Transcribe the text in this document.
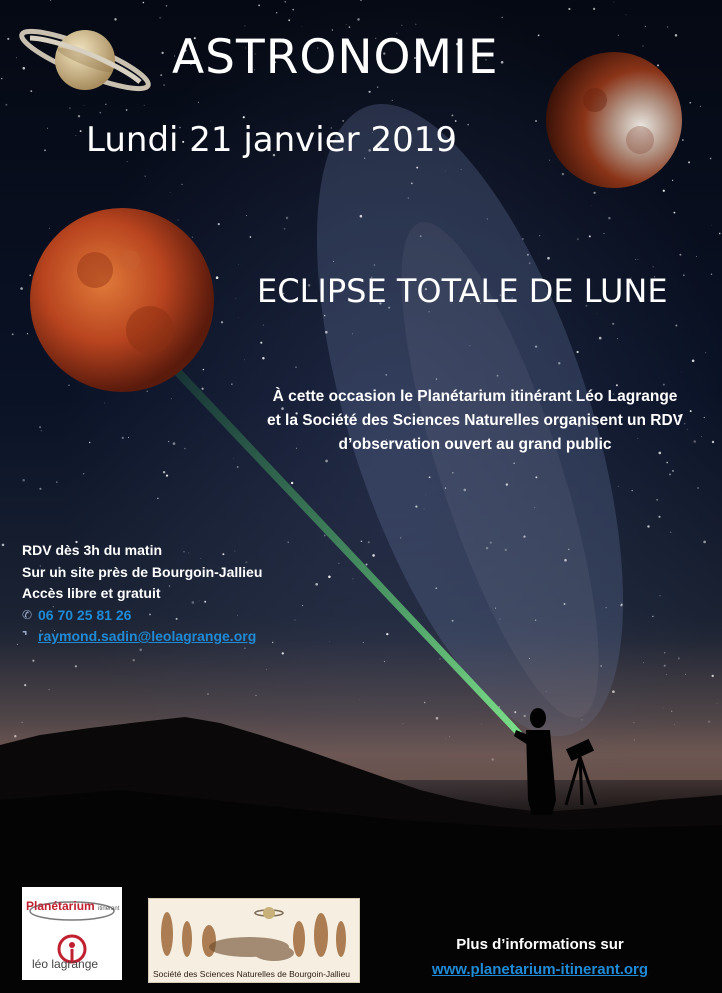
ASTRONOMIE
Lundi 21 janvier 2019
ECLIPSE TOTALE DE LUNE
À cette occasion le Planétarium itinérant Léo Lagrange
et la Société des Sciences Naturelles organisent un RDV
d’observation ouvert au grand public
RDV dès 3h du matin
Sur un site près de Bourgoin-Jallieu
Accès libre et gratuit
✆ 06 70 25 81 26
⌝ raymond.sadin@leolagrange.org
Planétarium itinérant
léo lagrange
Société des Sciences Naturelles de Bourgoin-Jallieu
Plus d’informations sur
www.planetarium-itinerant.org
